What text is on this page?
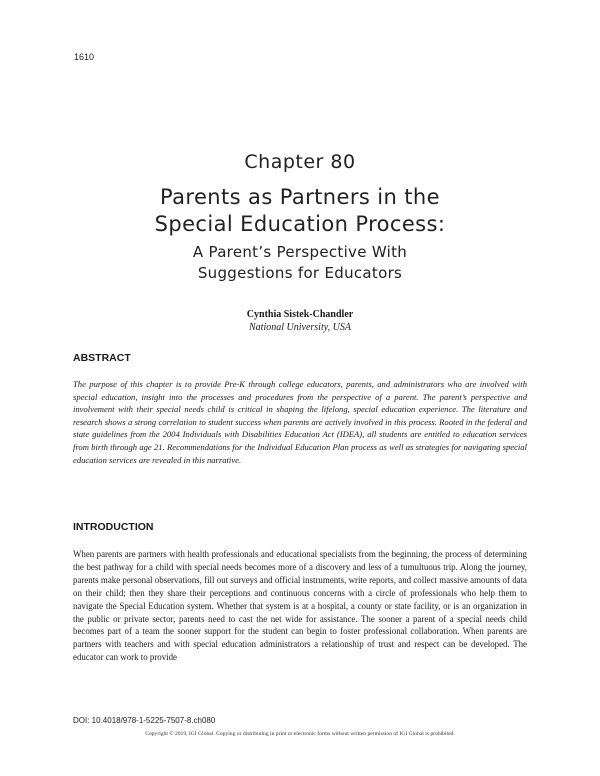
1610
Chapter 80
Parents as Partners in the
Special Education Process:
A Parent’s Perspective With
Suggestions for Educators
Cynthia Sistek-Chandler
National University, USA
ABSTRACT
The purpose of this chapter is to provide Pre-K through college educators, parents, and administrators who are involved with special education, insight into the processes and procedures from the perspective of a parent. The parent’s perspective and involvement with their special needs child is critical in shaping the lifelong, special education experience. The literature and research shows a strong correlation to student success when parents are actively involved in this process. Rooted in the federal and state guidelines from the 2004 Individuals with Disabilities Education Act (IDEA), all students are entitled to education services from birth through age 21. Recommendations for the Individual Education Plan process as well as strategies for navigating special education services are revealed in this narrative.
INTRODUCTION
When parents are partners with health professionals and educational specialists from the beginning, the process of determining the best pathway for a child with special needs becomes more of a discovery and less of a tumultuous trip. Along the journey, parents make personal observations, fill out surveys and official instruments, write reports, and collect massive amounts of data on their child; then they share their perceptions and continuous concerns with a circle of professionals who help them to navigate the Special Education system. Whether that system is at a hospital, a county or state facility, or is an organization in the public or private sector, parents need to cast the net wide for assistance. The sooner a parent of a special needs child becomes part of a team the sooner support for the student can begin to foster professional collaboration. When parents are partners with teachers and with special education administrators a relationship of trust and respect can be developed. The educator can work to provide
DOI: 10.4018/978-1-5225-7507-8.ch080
Copyright © 2019, IGI Global. Copying or distributing in print or electronic forms without written permission of IGI Global is prohibited.
